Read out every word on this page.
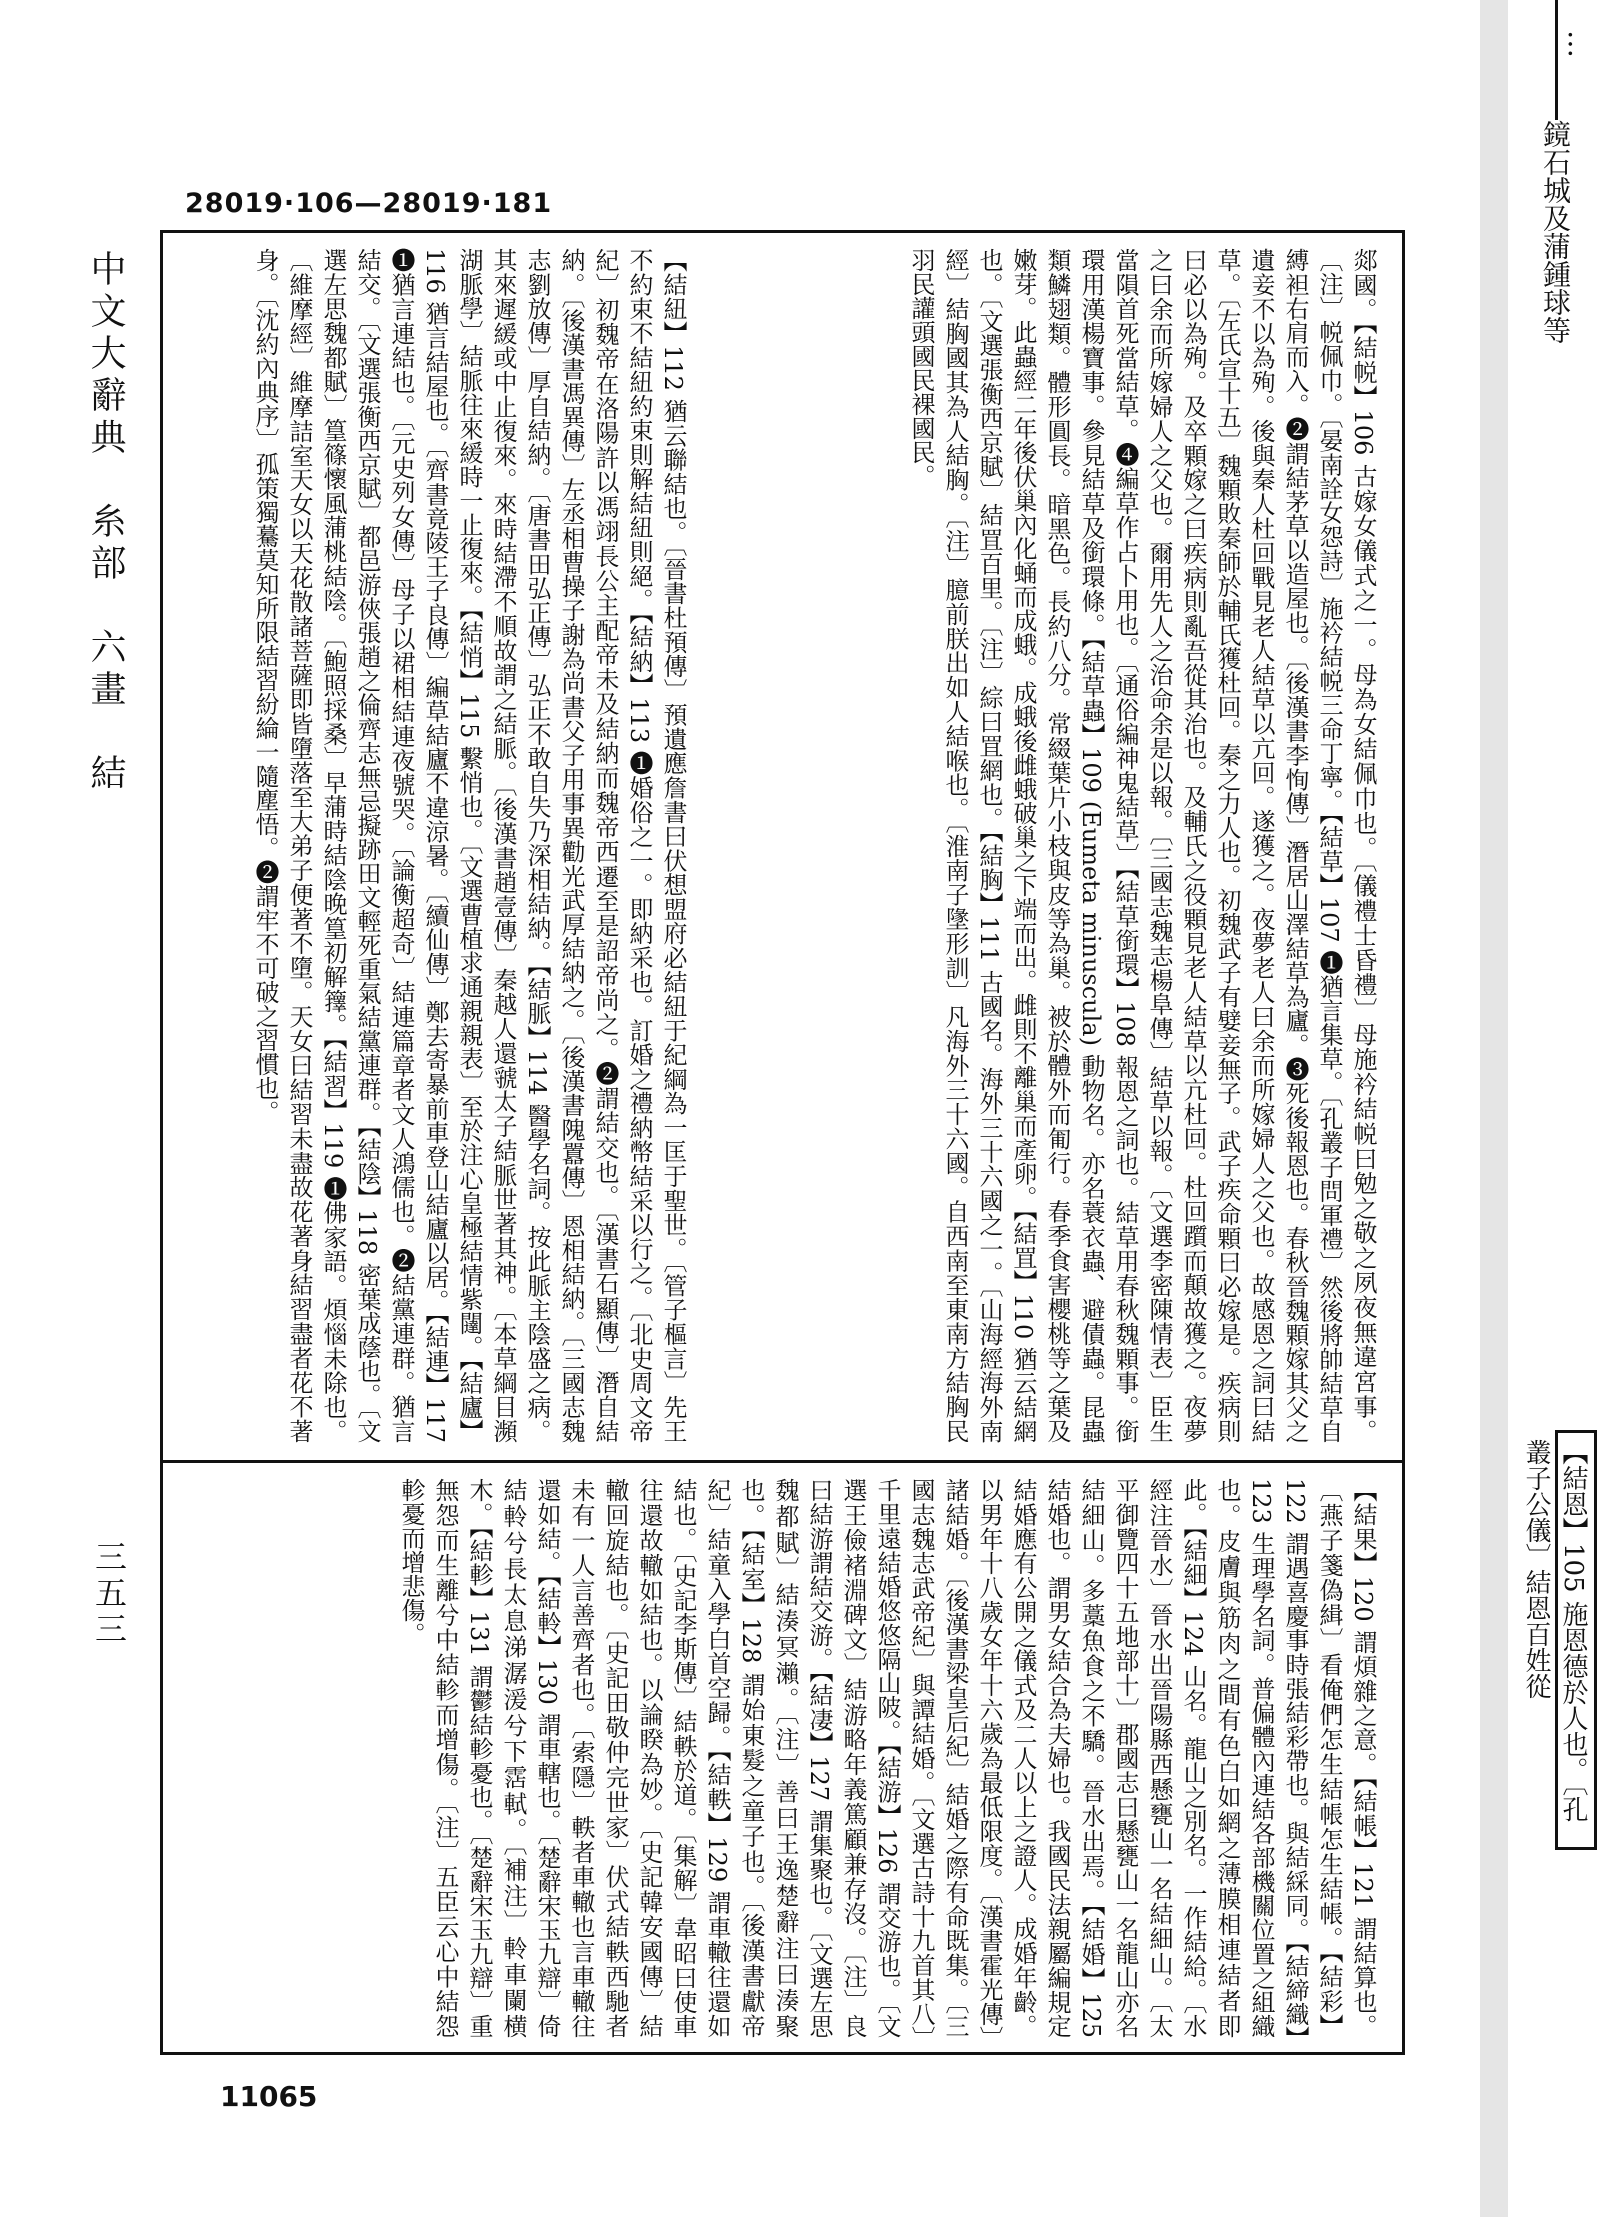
…
鏡石城及蒲鍾球等
【結恩】105 施恩德於人也。〔孔叢子公儀〕結恩百姓從
28019·106—28019·181
中文大辭典　糸部　六畫　結
三五三

郯國。【結帨】106 古嫁女儀式之一。母為女結佩巾也。〔儀禮士昏禮〕母施衿結帨曰勉之敬之夙夜無違宮事。〔注〕帨佩巾。〔晏南詮女怨詩〕施衿結帨三命丁寧。【結草】107 ❶猶言集草。〔孔叢子問軍禮〕然後將帥結草自縛袒右肩而入。❷謂結茅草以造屋也。〔後漢書李恂傳〕潛居山澤結草為廬。❸死後報恩也。春秋晉魏顆嫁其父之遺妾不以為殉。後與秦人杜回戰見老人結草以亢回。遂獲之。夜夢老人曰余而所嫁婦人之父也。故感恩之詞曰結草。〔左氏宣十五〕魏顆敗秦師於輔氏獲杜回。秦之力人也。初魏武子有嬖妾無子。武子疾命顆曰必嫁是。疾病則曰必以為殉。及卒顆嫁之曰疾病則亂吾從其治也。及輔氏之役顆見老人結草以亢杜回。杜回躓而顛故獲之。夜夢之曰余而所嫁婦人之父也。爾用先人之治命余是以報。〔三國志魏志楊阜傳〕結草以報。〔文選李密陳情表〕臣生當隕首死當結草。❹編草作占卜用也。〔通俗編神鬼結草〕【結草銜環】108 報恩之詞也。結草用春秋魏顆事。銜環用漢楊寶事。參見結草及銜環條。【結草蟲】109 (Eumeta minuscula) 動物名。亦名蓑衣蟲、避債蟲。昆蟲類鱗翅類。體形圓長。暗黑色。長約八分。常綴葉片小枝與皮等為巢。被於體外而匍行。春季食害櫻桃等之葉及嫩芽。此蟲經二年後伏巢內化蛹而成蛾。成蛾後雌蛾破巢之下端而出。雌則不離巢而產卵。【結罝】110 猶云結網也。〔文選張衡西京賦〕結罝百里。〔注〕綜曰罝網也。【結胸】111 古國名。海外三十六國之一。〔山海經海外南經〕結胸國其為人結胸。〔注〕臆前朕出如人結喉也。〔淮南子墬形訓〕凡海外三十六國。自西南至東南方結胸民羽民讙頭國民裸國民。

【結紐】112 猶云聯結也。〔晉書杜預傳〕預遺應詹書曰伏想盟府必結紐于紀綱為一匡于聖世。〔管子樞言〕先王不約束不結紐約束則解結紐則絕。【結納】113 ❶婚俗之一。即納采也。訂婚之禮納幣結采以行之。〔北史周文帝紀〕初魏帝在洛陽許以馮翊長公主配帝未及結納而魏帝西遷至是詔帝尚之。❷謂結交也。〔漢書石顯傳〕潛自結納。〔後漢書馮異傳〕左丞相曹操子謝為尚書父子用事異勸光武厚結納之。〔後漢書隗囂傳〕恩相結納。〔三國志魏志劉放傳〕厚自結納。〔唐書田弘正傳〕弘正不敢自失乃深相結納。【結脈】114 醫學名詞。按此脈主陰盛之病。其來遲緩或中止復來。來時結滯不順故謂之結脈。〔後漢書趙壹傳〕秦越人還虢太子結脈世著其神。〔本草綱目瀕湖脈學〕結脈往來緩時一止復來。【結悄】115 繫悄也。〔文選曹植求通親親表〕至於注心皇極結情紫闥。【結廬】116 猶言結屋也。〔齊書竟陵王子良傳〕編草結廬不違涼暑。〔續仙傳〕鄭去寄暴前車登山結廬以居。【結連】117 ❶猶言連結也。〔元史列女傳〕母子以裙相結連夜號哭。〔論衡超奇〕結連篇章者文人鴻儒也。❷結黨連群。猶言結交。〔文選張衡西京賦〕都邑游俠張趙之倫齊志無忌擬跡田文輕死重氣結黨連群。【結陰】118 密葉成蔭也。〔文選左思魏都賦〕篁篠懷風蒲桃結陰。〔鮑照採桑〕早蒲時結陰晚篁初解籜。【結習】119 ❶佛家語。煩惱未除也。〔維摩經〕維摩詰室天女以天花散諸菩薩即皆墮落至大弟子便著不墮。天女曰結習未盡故花著身結習盡者花不著身。〔沈約內典序〕孤策獨驀莫知所限結習紛綸一隨塵悟。❷謂牢不可破之習慣也。

【結果】120 謂煩雜之意。【結帳】121 謂結算也。〔燕子箋偽緝〕看俺們怎生結帳怎生結帳。【結彩】122 謂遇喜慶事時張結彩帶也。與結綵同。【結締織】123 生理學名詞。普偏體內連結各部機關位置之組織也。皮膚與筋肉之間有色白如網之薄膜相連結者即此。【結細】124 山名。龍山之別名。一作結給。〔水經注晉水〕晉水出晉陽縣西懸甕山一名結細山。〔太平御覽四十五地部十〕郡國志曰懸甕山一名龍山亦名結細山。多藁魚食之不驕。晉水出焉。【結婚】125 結婚也。謂男女結合為夫婦也。我國民法親屬編規定結婚應有公開之儀式及二人以上之證人。成婚年齡。以男年十八歲女年十六歲為最低限度。〔漢書霍光傳〕諸結婚。〔後漢書梁皇后紀〕結婚之際有命既集。〔三國志魏志武帝紀〕與譚結婚。〔文選古詩十九首其八〕千里遠結婚悠悠隔山陂。【結游】126 謂交游也。〔文選王儉褚淵碑文〕結游略年義篤顧兼存沒。〔注〕良曰結游謂結交游。【結凄】127 謂集聚也。〔文選左思魏都賦〕結湊冥瀨。〔注〕善曰王逸楚辭注曰湊聚也。【結室】128 謂始東髮之童子也。〔後漢書獻帝紀〕結童入學白首空歸。【結軼】129 謂車轍往還如結也。〔史記李斯傳〕結軼於道。〔集解〕韋昭曰使車往還故轍如結也。以論睽為妙。〔史記韓安國傳〕結轍回旋結也。〔史記田敬仲完世家〕伏式結軼西馳者未有一人言善齊者也。〔索隱〕軼者車轍也言車轍往還如結。【結軨】130 謂車轄也。〔楚辭宋玉九辯〕倚結軨兮長太息涕潺湲兮下霑軾。〔補注〕軨車闌横木。【結軫】131 謂鬱結軫憂也。〔楚辭宋玉九辯〕重無怨而生離兮中結軫而增傷。〔注〕五臣云心中結怨軫憂而增悲傷。

11065
